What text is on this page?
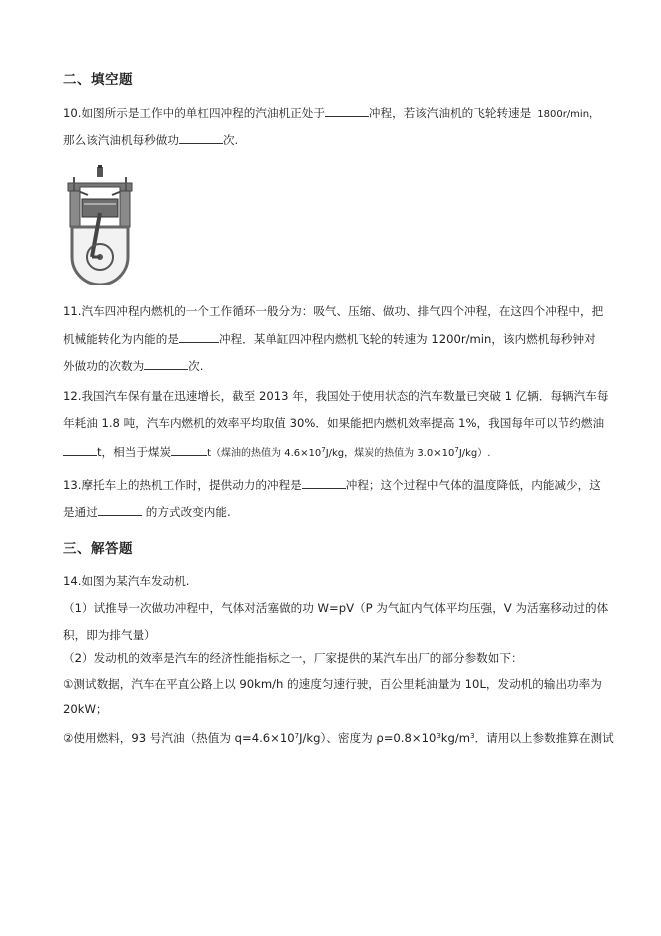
二、填空题
10.如图所示是工作中的单杠四冲程的汽油机正处于	冲程，若该汽油机的飞轮转速是 1800r/min，
那么该汽油机每秒做功	次.
11.汽车四冲程内燃机的一个工作循环一般分为：吸气、压缩、做功、排气四个冲程，在这四个冲程中，把
机械能转化为内能的是	冲程．某单缸四冲程内燃机飞轮的转速为 1200r/min，该内燃机每秒钟对
外做功的次数为	次.
12.我国汽车保有量在迅速增长，截至 2013 年，我国处于使用状态的汽车数量已突破 1 亿辆．每辆汽车每
年耗油 1.8 吨，汽车内燃机的效率平均取值 30%．如果能把内燃机效率提高 1%，我国每年可以节约燃油
t，相当于煤炭	t（煤油的热值为 $4.6\times 10^7J/kg$，煤炭的热值为 $3.0\times 10^7J/kg$）.
13.摩托车上的热机工作时，提供动力的冲程是	冲程；这个过程中气体的温度降低，内能减少，这
是通过	的方式改变内能.
三、解答题
14.如图为某汽车发动机.
（1）试推导一次做功冲程中，气体对活塞做的功 W=pV（P 为气缸内气体平均压强，V 为活塞移动过的体
积，即为排气量）
（2）发动机的效率是汽车的经济性能指标之一，厂家提供的某汽车出厂的部分参数如下：
①测试数据，汽车在平直公路上以 90km/h 的速度匀速行驶，百公里耗油量为 10L，发动机的输出功率为
20kW；
②使用燃料，93 号汽油（热值为 $q=4.6\times 10^7J/kg$）、密度为 $\rho=0.8\times 10^3kg/m^3$．请用以上参数推算在测试
